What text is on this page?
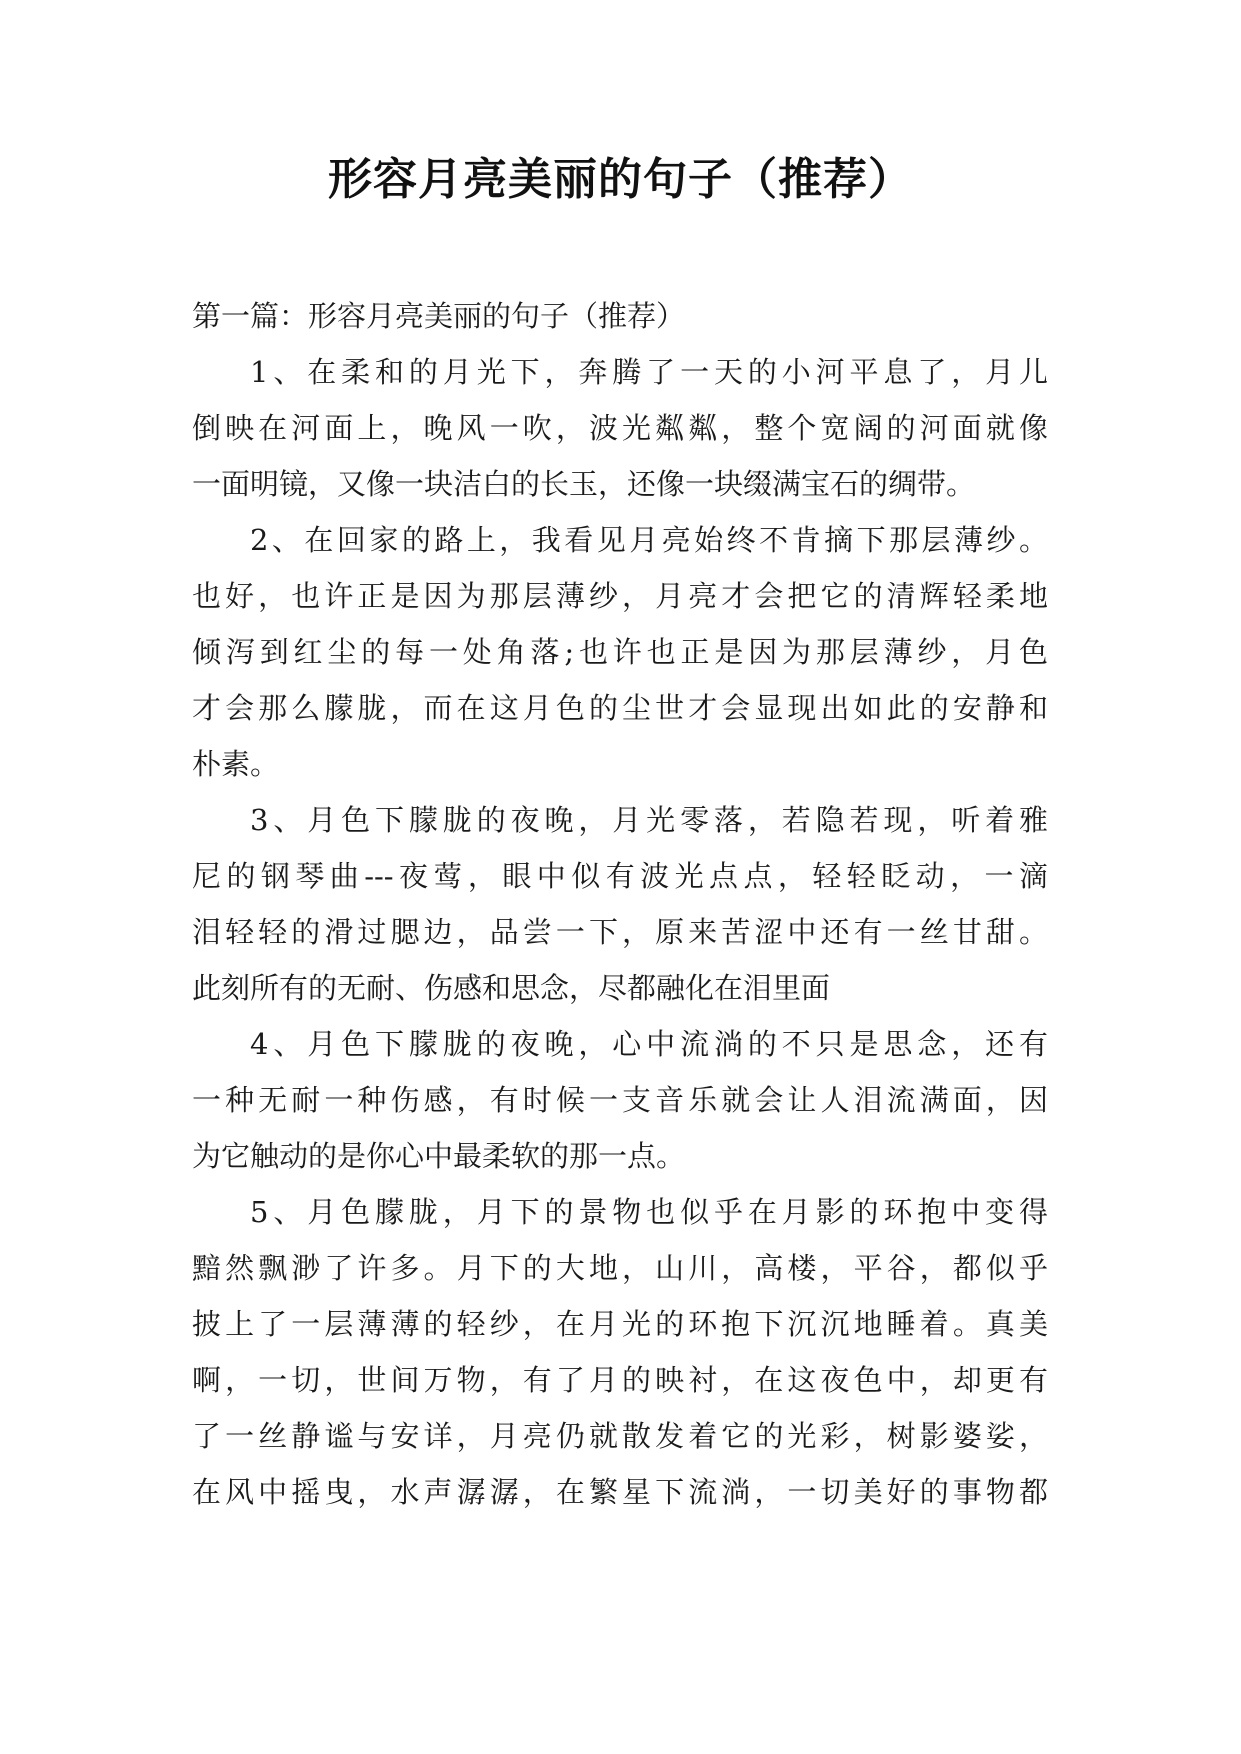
形容月亮美丽的句子（推荐）
第一篇：形容月亮美丽的句子（推荐）
1、在柔和的月光下，奔腾了一天的小河平息了，月儿
倒映在河面上，晚风一吹，波光粼粼，整个宽阔的河面就像
一面明镜，又像一块洁白的长玉，还像一块缀满宝石的绸带。
2、在回家的路上，我看见月亮始终不肯摘下那层薄纱。
也好，也许正是因为那层薄纱，月亮才会把它的清辉轻柔地
倾泻到红尘的每一处角落;也许也正是因为那层薄纱，月色
才会那么朦胧，而在这月色的尘世才会显现出如此的安静和
朴素。
3、月色下朦胧的夜晚，月光零落，若隐若现，听着雅
尼的钢琴曲---夜莺，眼中似有波光点点，轻轻眨动，一滴
泪轻轻的滑过腮边，品尝一下，原来苦涩中还有一丝甘甜。
此刻所有的无耐、伤感和思念，尽都融化在泪里面
4、月色下朦胧的夜晚，心中流淌的不只是思念，还有
一种无耐一种伤感，有时候一支音乐就会让人泪流满面，因
为它触动的是你心中最柔软的那一点。
5、月色朦胧，月下的景物也似乎在月影的环抱中变得
黯然飘渺了许多。月下的大地，山川，高楼，平谷，都似乎
披上了一层薄薄的轻纱，在月光的环抱下沉沉地睡着。真美
啊，一切，世间万物，有了月的映衬，在这夜色中，却更有
了一丝静谧与安详，月亮仍就散发着它的光彩，树影婆娑，
在风中摇曳，水声潺潺，在繁星下流淌，一切美好的事物都
